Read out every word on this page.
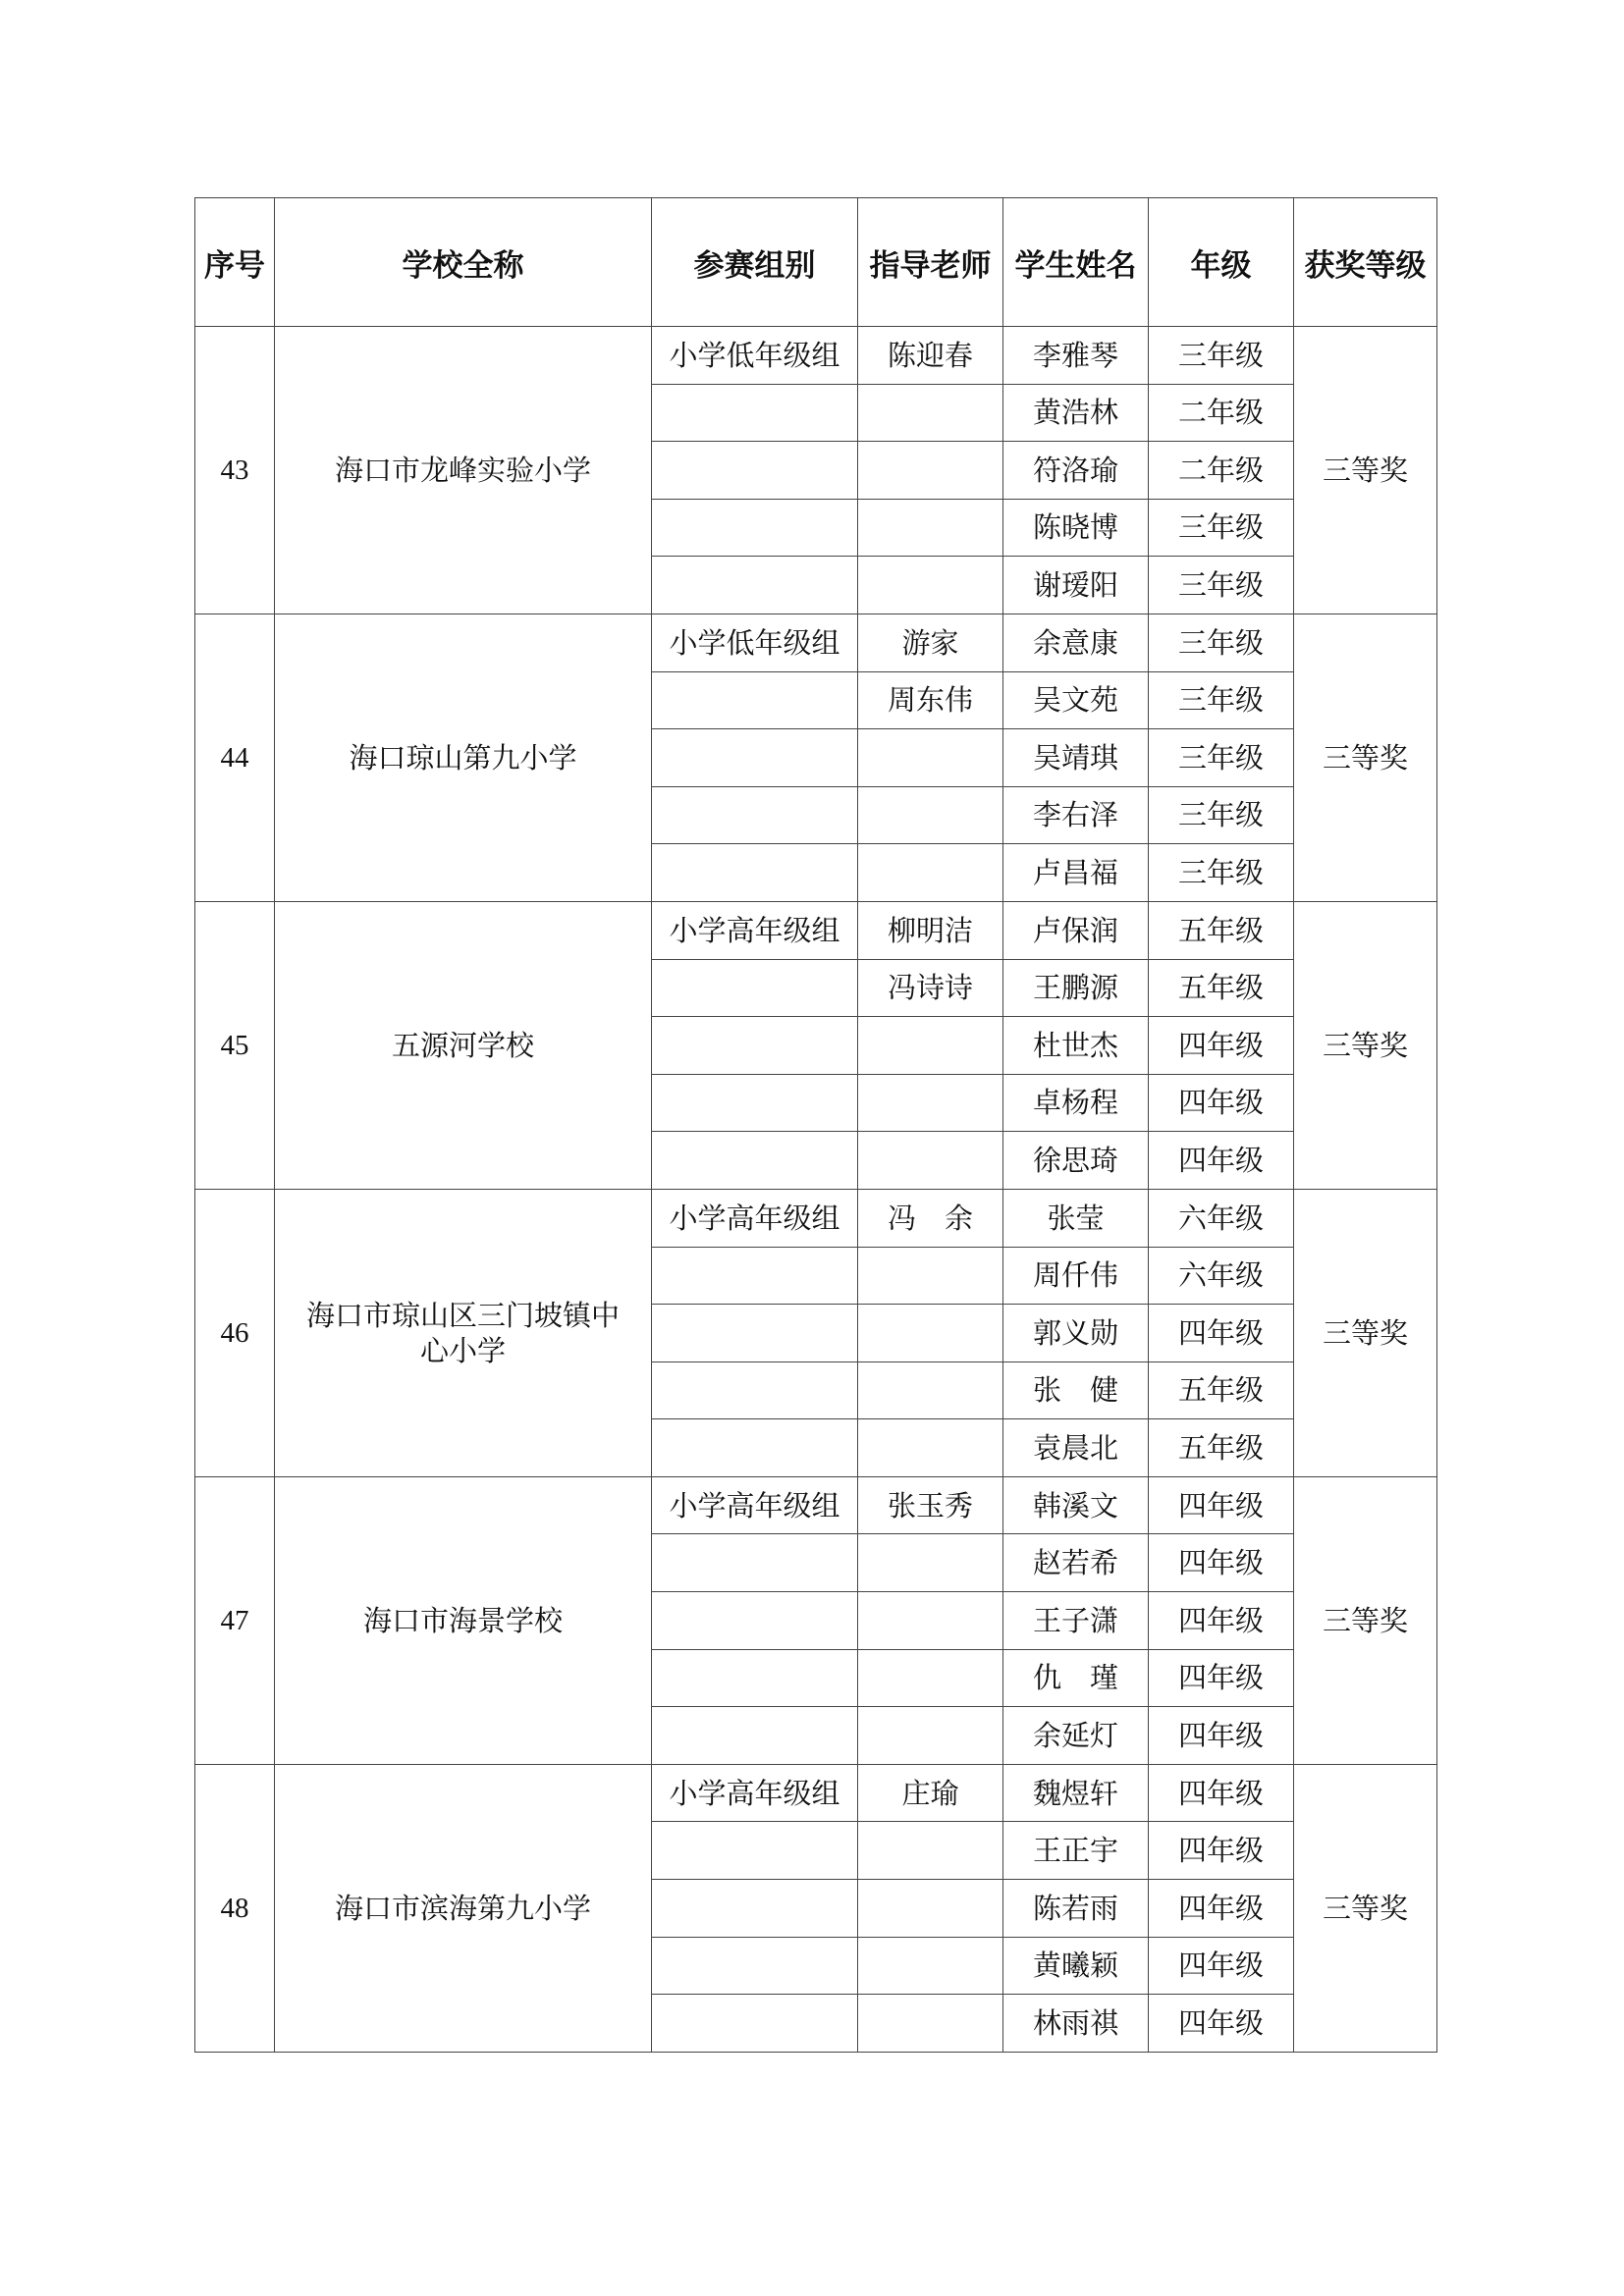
序号	学校全称	参赛组别	指导老师	学生姓名	年级	获奖等级
43	海口市龙峰实验小学	小学低年级组	陈迎春	李雅琴	三年级	三等奖
				黄浩林	二年级	
				符洛瑜	二年级	
				陈晓博	三年级	
				谢瑷阳	三年级	
44	海口琼山第九小学	小学低年级组	游家	余意康	三年级	三等奖
			周东伟	吴文苑	三年级	
				吴靖琪	三年级	
				李右泽	三年级	
				卢昌福	三年级	
45	五源河学校	小学高年级组	柳明洁	卢保润	五年级	三等奖
			冯诗诗	王鹏源	五年级	
				杜世杰	四年级	
				卓杨程	四年级	
				徐思琦	四年级	
46	海口市琼山区三门坡镇中心小学	小学高年级组	冯　余	张莹	六年级	三等奖
				周仟伟	六年级	
				郭义勋	四年级	
				张　健	五年级	
				袁晨北	五年级	
47	海口市海景学校	小学高年级组	张玉秀	韩溪文	四年级	三等奖
				赵若希	四年级	
				王子潇	四年级	
				仇　瑾	四年级	
				余延灯	四年级	
48	海口市滨海第九小学	小学高年级组	庄瑜	魏煜轩	四年级	三等奖
				王正宇	四年级	
				陈若雨	四年级	
				黄曦颖	四年级	
				林雨祺	四年级	
